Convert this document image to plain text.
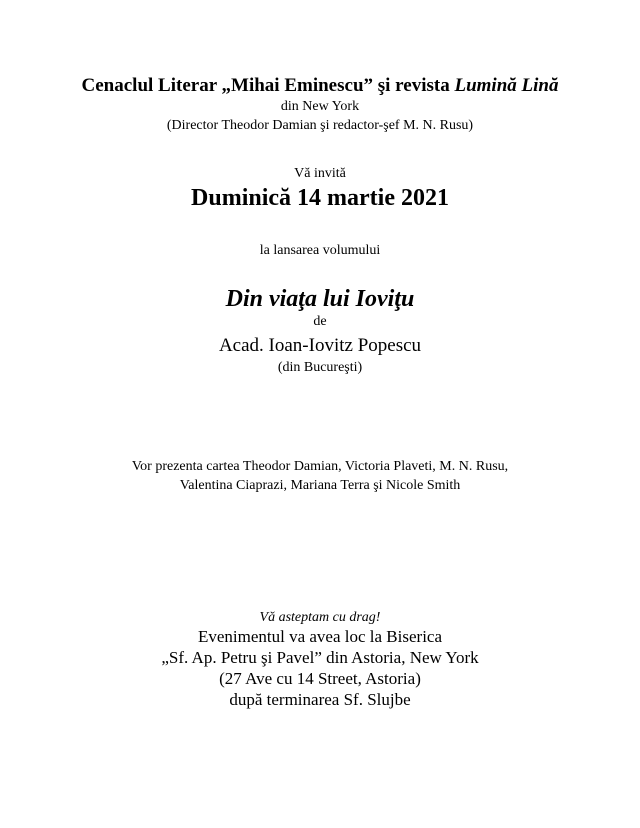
Cenaclul Literar „Mihai Eminescu” şi revista Lumină Lină
din New York
(Director Theodor Damian şi redactor-şef M. N. Rusu)
Vă invită
Duminică 14 martie 2021
la lansarea volumului
Din viaţa lui Ioviţu
de
Acad. Ioan-Iovitz Popescu
(din Bucureşti)
Vor prezenta cartea Theodor Damian, Victoria Plaveti, M. N. Rusu,
Valentina Ciaprazi, Mariana Terra şi Nicole Smith
Vă asteptam cu drag!
Evenimentul va avea loc la Biserica
„Sf. Ap. Petru şi Pavel” din Astoria, New York
(27 Ave cu 14 Street, Astoria)
după terminarea Sf. Slujbe
